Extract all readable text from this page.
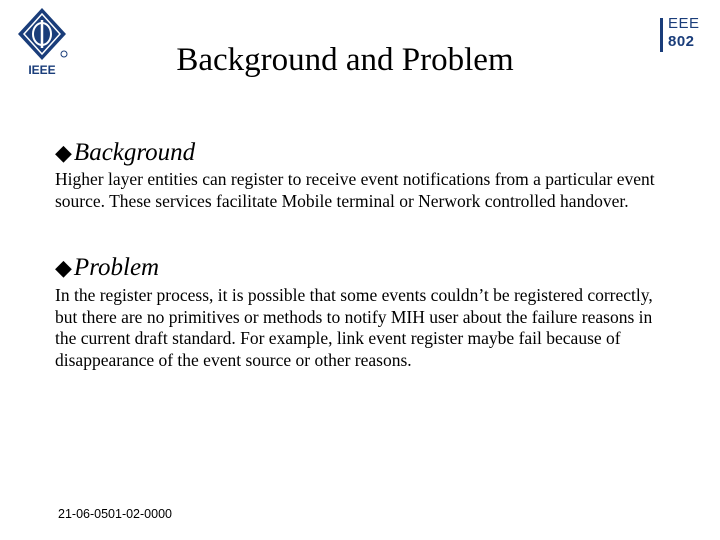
IEEE
EEE
802
Background and Problem
◆Background

Higher layer entities can register to receive event notifications from a particular event source. These services facilitate Mobile terminal or Nerwork controlled handover.

◆Problem

In the register process, it is possible that some events couldn’t be registered correctly, but there are no primitives or methods to notify MIH user about the failure reasons in the current draft standard. For example, link event register maybe fail because of disappearance of the event source or other reasons.

21-06-0501-02-0000
